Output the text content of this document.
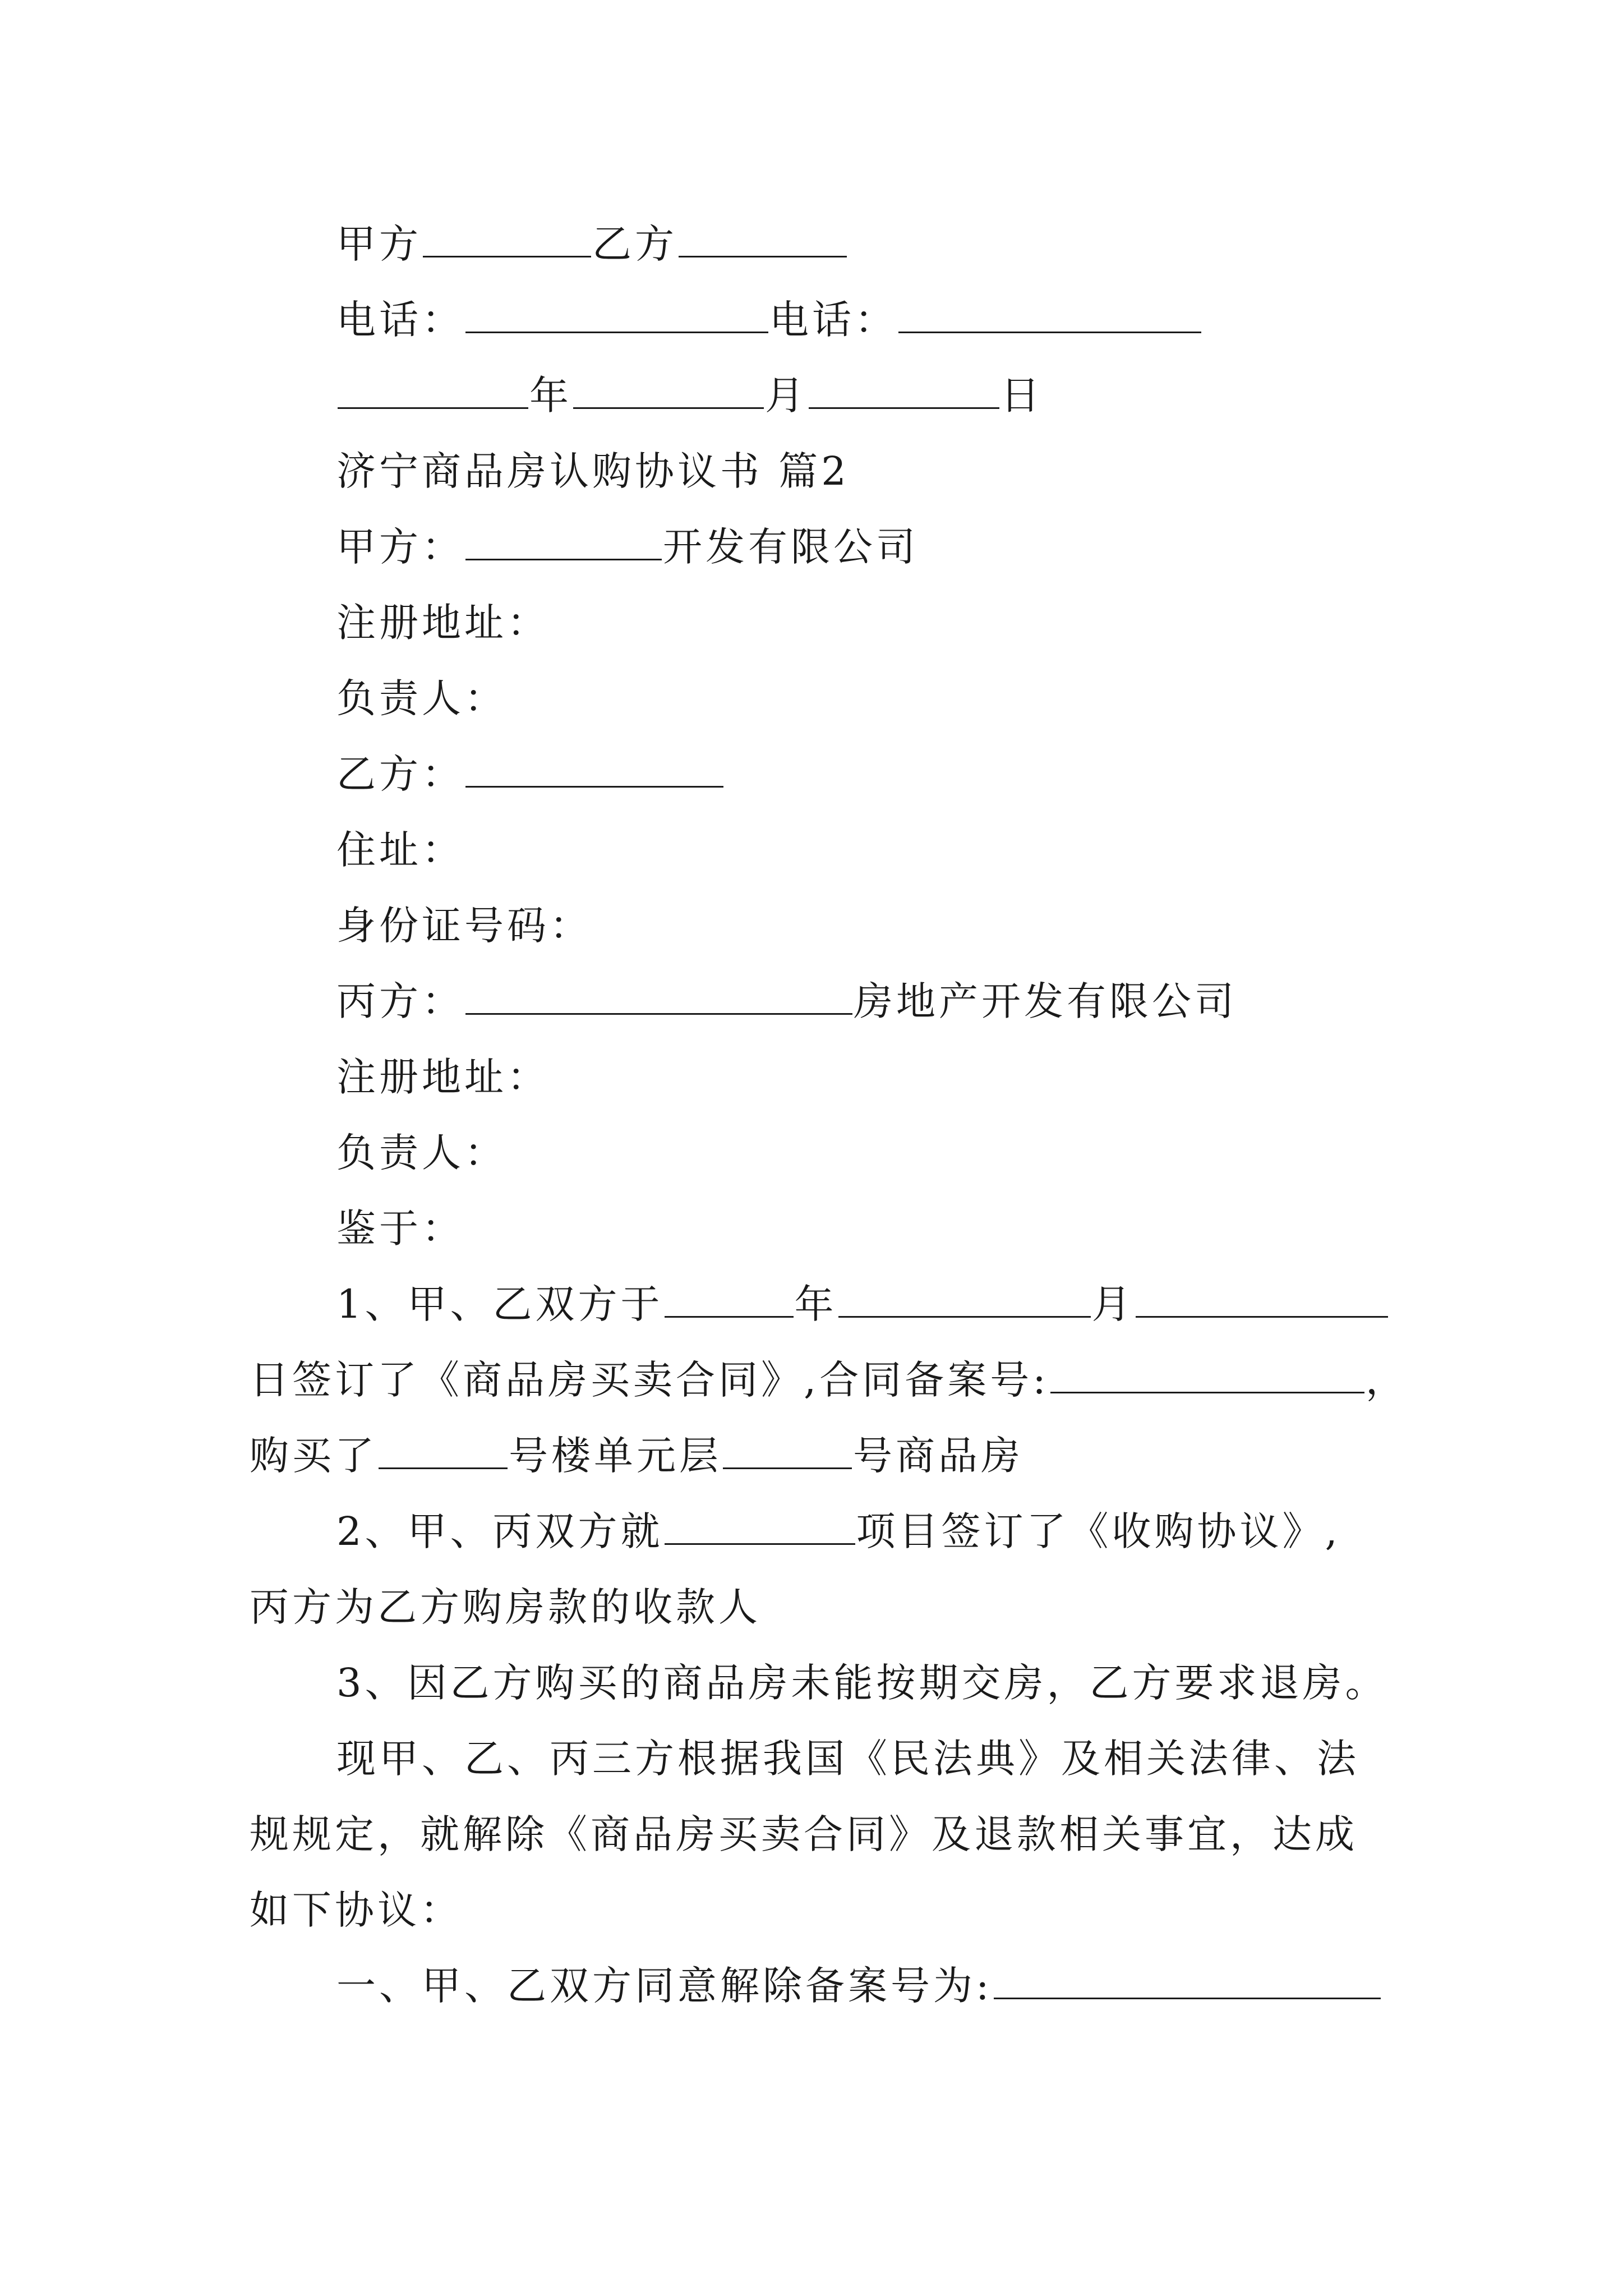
甲方	乙方
电话：	电话：
年	月	日
济宁商品房认购协议书 篇2
甲方：	开发有限公司
注册地址：
负责人：
乙方：
住址：
身份证号码：
丙方：	房地产开发有限公司
注册地址：
负责人：
鉴于：
1、甲、乙双方于	年	月
日签订了《商品房买卖合同》,合同备案号:	，
购买了	号楼单元层	号商品房
2、甲、丙双方就	项目签订了《收购协议》,
丙方为乙方购房款的收款人
3、因乙方购买的商品房未能按期交房，乙方要求退房。
现甲、乙、丙三方根据我国《民法典》及相关法律、法
规规定，就解除《商品房买卖合同》及退款相关事宜，达成
如下协议：
一、甲、乙双方同意解除备案号为:
